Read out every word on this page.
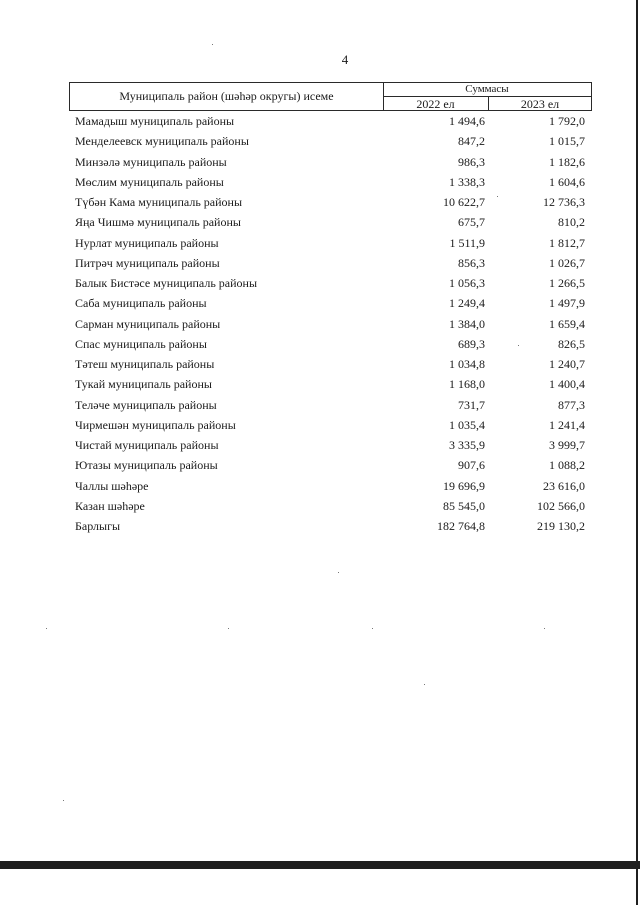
4
Муниципаль район (шәһәр округы) исеме	Суммасы
2022 ел	2023 ел
Мамадыш муниципаль районы	1 494,6	1 792,0
Менделеевск муниципаль районы	847,2	1 015,7
Минзәлә муниципаль районы	986,3	1 182,6
Мөслим муниципаль районы	1 338,3	1 604,6
Түбән Кама муниципаль районы	10 622,7	12 736,3
Яңа Чишмә муниципаль районы	675,7	810,2
Нурлат муниципаль районы	1 511,9	1 812,7
Питрәч муниципаль районы	856,3	1 026,7
Балык Бистәсе муниципаль районы	1 056,3	1 266,5
Саба муниципаль районы	1 249,4	1 497,9
Сарман муниципаль районы	1 384,0	1 659,4
Спас муниципаль районы	689,3	826,5
Тәтеш муниципаль районы	1 034,8	1 240,7
Тукай муниципаль районы	1 168,0	1 400,4
Теләче муниципаль районы	731,7	877,3
Чирмешән муниципаль районы	1 035,4	1 241,4
Чистай муниципаль районы	3 335,9	3 999,7
Ютазы муниципаль районы	907,6	1 088,2
Чаллы шәһәре	19 696,9	23 616,0
Казан шәһәре	85 545,0	102 566,0
Барлыгы	182 764,8	219 130,2
